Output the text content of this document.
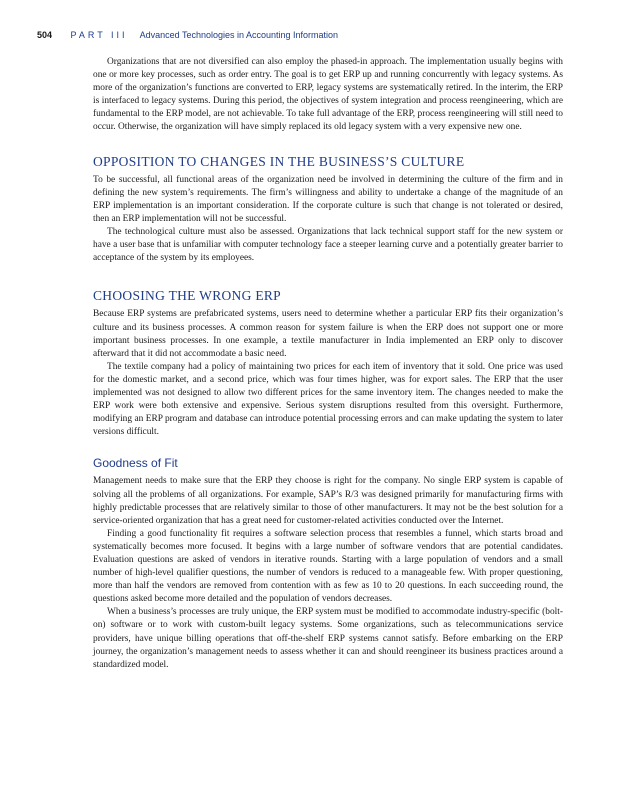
504 PART III Advanced Technologies in Accounting Information

Organizations that are not diversified can also employ the phased-in approach. The implementation usually begins with one or more key processes, such as order entry. The goal is to get ERP up and running concurrently with legacy systems. As more of the organization’s functions are converted to ERP, legacy systems are systematically retired. In the interim, the ERP is interfaced to legacy systems. During this period, the objectives of system integration and process reengineering, which are fundamental to the ERP model, are not achievable. To take full advantage of the ERP, process reengineering will still need to occur. Otherwise, the organization will have simply replaced its old legacy system with a very expensive new one.

OPPOSITION TO CHANGES IN THE BUSINESS’S CULTURE

To be successful, all functional areas of the organization need be involved in determining the culture of the firm and in defining the new system’s requirements. The firm’s willingness and ability to undertake a change of the magnitude of an ERP implementation is an important consideration. If the corporate culture is such that change is not tolerated or desired, then an ERP implementation will not be successful.

The technological culture must also be assessed. Organizations that lack technical support staff for the new system or have a user base that is unfamiliar with computer technology face a steeper learning curve and a potentially greater barrier to acceptance of the system by its employees.

CHOOSING THE WRONG ERP

Because ERP systems are prefabricated systems, users need to determine whether a particular ERP fits their organization’s culture and its business processes. A common reason for system failure is when the ERP does not support one or more important business processes. In one example, a textile manufacturer in India implemented an ERP only to discover afterward that it did not accommodate a basic need.

The textile company had a policy of maintaining two prices for each item of inventory that it sold. One price was used for the domestic market, and a second price, which was four times higher, was for export sales. The ERP that the user implemented was not designed to allow two different prices for the same inventory item. The changes needed to make the ERP work were both extensive and expensive. Serious system disruptions resulted from this oversight. Furthermore, modifying an ERP program and database can introduce potential processing errors and can make updating the system to later versions difficult.

Goodness of Fit

Management needs to make sure that the ERP they choose is right for the company. No single ERP system is capable of solving all the problems of all organizations. For example, SAP’s R/3 was designed primarily for manufacturing firms with highly predictable processes that are relatively similar to those of other manufacturers. It may not be the best solution for a service-oriented organization that has a great need for customer-related activities conducted over the Internet.

Finding a good functionality fit requires a software selection process that resembles a funnel, which starts broad and systematically becomes more focused. It begins with a large number of software vendors that are potential candidates. Evaluation questions are asked of vendors in iterative rounds. Starting with a large population of vendors and a small number of high-level qualifier questions, the number of vendors is reduced to a manageable few. With proper questioning, more than half the vendors are removed from contention with as few as 10 to 20 questions. In each succeeding round, the questions asked become more detailed and the population of vendors decreases.

When a business’s processes are truly unique, the ERP system must be modified to accommodate industry-specific (bolt-on) software or to work with custom-built legacy systems. Some organizations, such as telecommunications service providers, have unique billing operations that off-the-shelf ERP systems cannot satisfy. Before embarking on the ERP journey, the organization’s management needs to assess whether it can and should reengineer its business practices around a standardized model.
